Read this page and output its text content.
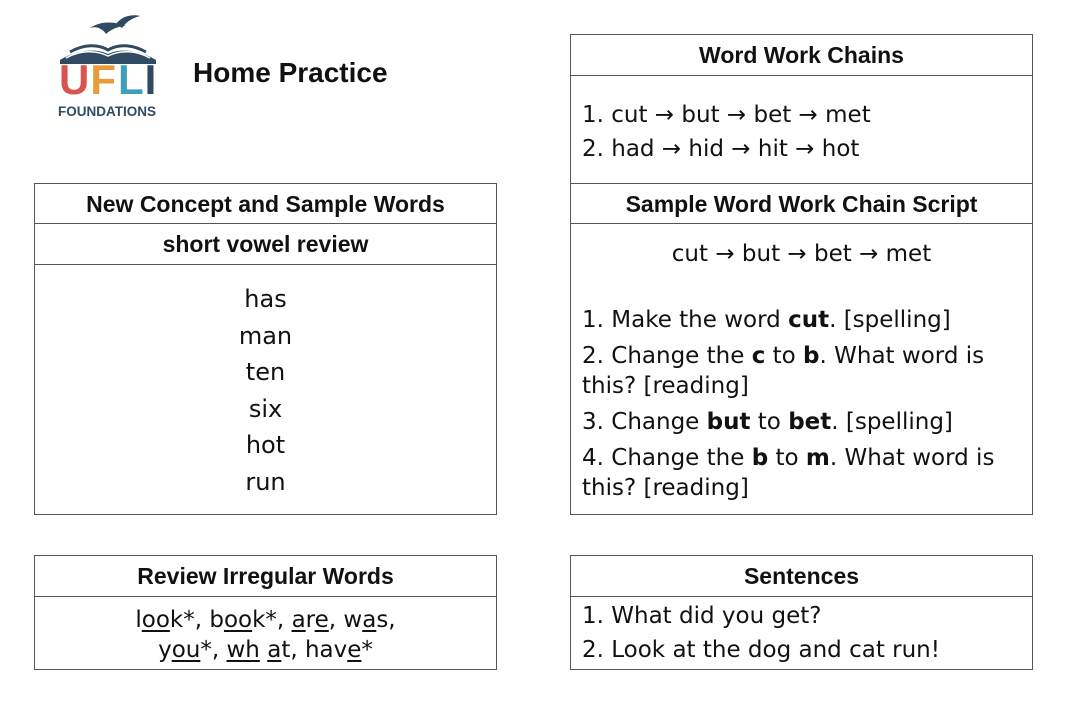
UFLI
FOUNDATIONS
Home Practice
New Concept and Sample Words
short vowel review
has
man
ten
six
hot
run
Word Work Chains
1. cut → but → bet → met
2. had → hid → hit → hot
Sample Word Work Chain Script
cut → but → bet → met
1. Make the word cut. [spelling]
2. Change the c to b. What word is this? [reading]
3. Change but to bet. [spelling]
4. Change the b to m. What word is this? [reading]
Review Irregular Words
look*, book*, are, was,
you*, wh at, have*
Sentences
1. What did you get?
2. Look at the dog and cat run!
